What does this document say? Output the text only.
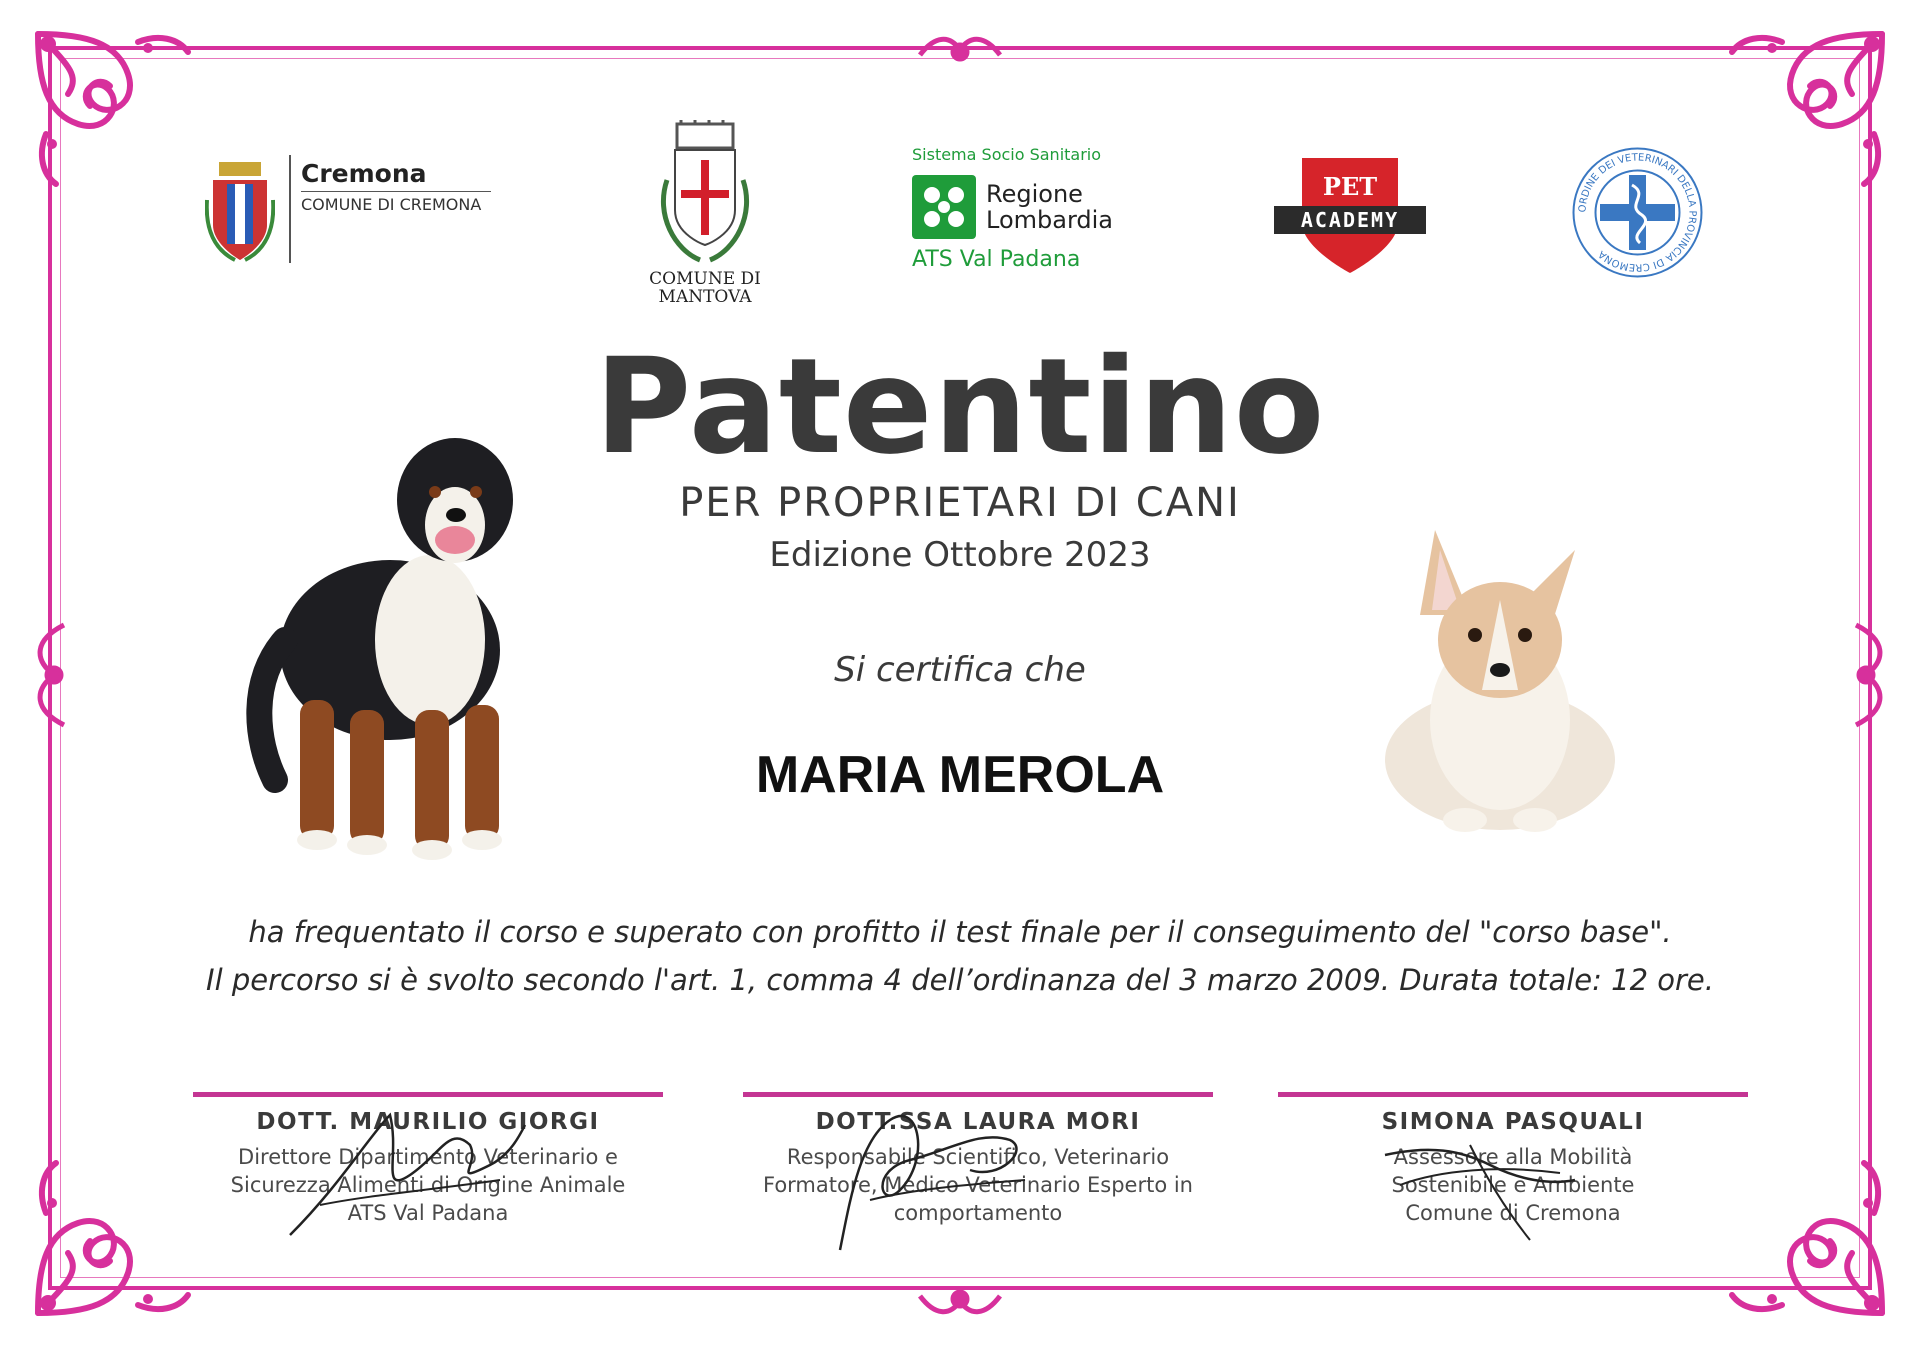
Cremona
COMUNE DI CREMONA
COMUNE DI
MANTOVA
Sistema Socio Sanitario
Regione
Lombardia
ATS Val Padana
PET
ACADEMY	ORDINE DEI VETERINARI DELLA PROVINCIA DI CREMONA
Patentino
PER PROPRIETARI DI CANI
Edizione Ottobre 2023
Si certifica che
MARIA MEROLA
ha frequentato il corso e superato con profitto il test finale per il conseguimento del "corso base".
Il percorso si è svolto secondo l'art. 1, comma 4 dell’ordinanza del 3 marzo 2009. Durata totale: 12 ore.
DOTT. MAURILIO GIORGI
Direttore Dipartimento Veterinario e
Sicurezza Alimenti di Origine Animale
ATS Val Padana
DOTT.SSA LAURA MORI
Responsabile Scientifico, Veterinario
Formatore, Medico Veterinario Esperto in
comportamento
SIMONA PASQUALI
Assessore alla Mobilità
Sostenibile e Ambiente
Comune di Cremona
